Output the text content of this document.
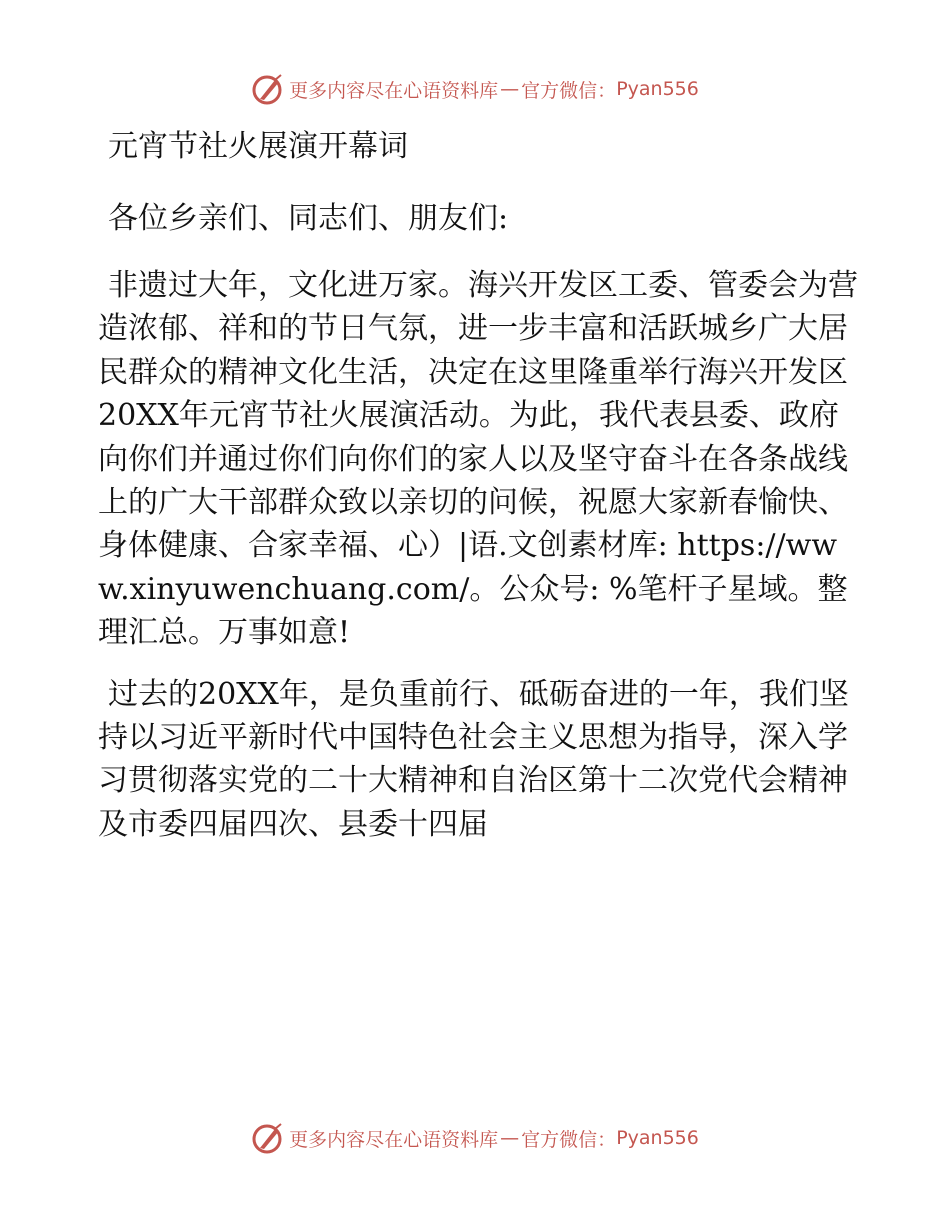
更多内容尽在心语资料库 — 官方微信： Pyan556
元宵节社火展演开幕词
各位乡亲们、同志们、朋友们:

非遗过大年，文化进万家。海兴开发区工委、管委会为营造浓郁、祥和的节日气氛，进一步丰富和活跃城乡广大居民群众的精神文化生活，决定在这里隆重举行海兴开发区20XX年元宵节社火展演活动。为此，我代表县委、政府向你们并通过你们向你们的家人以及坚守奋斗在各条战线上的广大干部群众致以亲切的问候，祝愿大家新春愉快、身体健康、合家幸福、心）|语.文创素材库: https://www.xinyuwenchuang.com/。公众号: %笔杆子星域。整理汇总。万事如意!

过去的20XX年，是负重前行、砥砺奋进的一年，我们坚持以习近平新时代中国特色社会主义思想为指导，深入学习贯彻落实党的二十大精神和自治区第十二次党代会精神及市委四届四次、县委十四届

更多内容尽在心语资料库 — 官方微信： Pyan556
